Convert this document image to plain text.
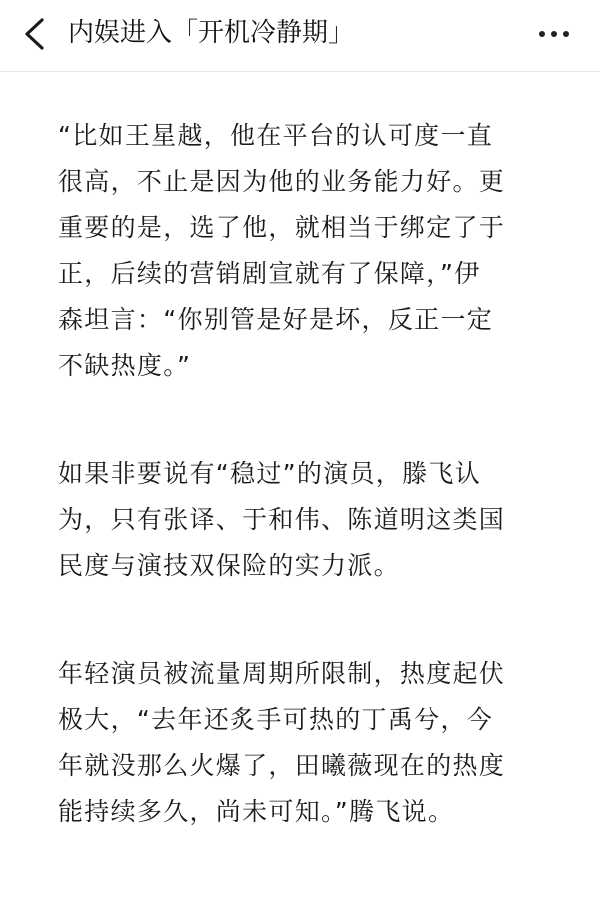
内娱进入「开机冷静期」

“比如王星越，他在平台的认可度一直
很高，不止是因为他的业务能力好。更
重要的是，选了他，就相当于绑定了于
正，后续的营销剧宣就有了保障，”伊
森坦言：“你别管是好是坏，反正一定
不缺热度。”

如果非要说有“稳过”的演员，滕飞认
为，只有张译、于和伟、陈道明这类国
民度与演技双保险的实力派。

年轻演员被流量周期所限制，热度起伏
极大，“去年还炙手可热的丁禹兮，今
年就没那么火爆了，田曦薇现在的热度
能持续多久，尚未可知。”腾飞说。
